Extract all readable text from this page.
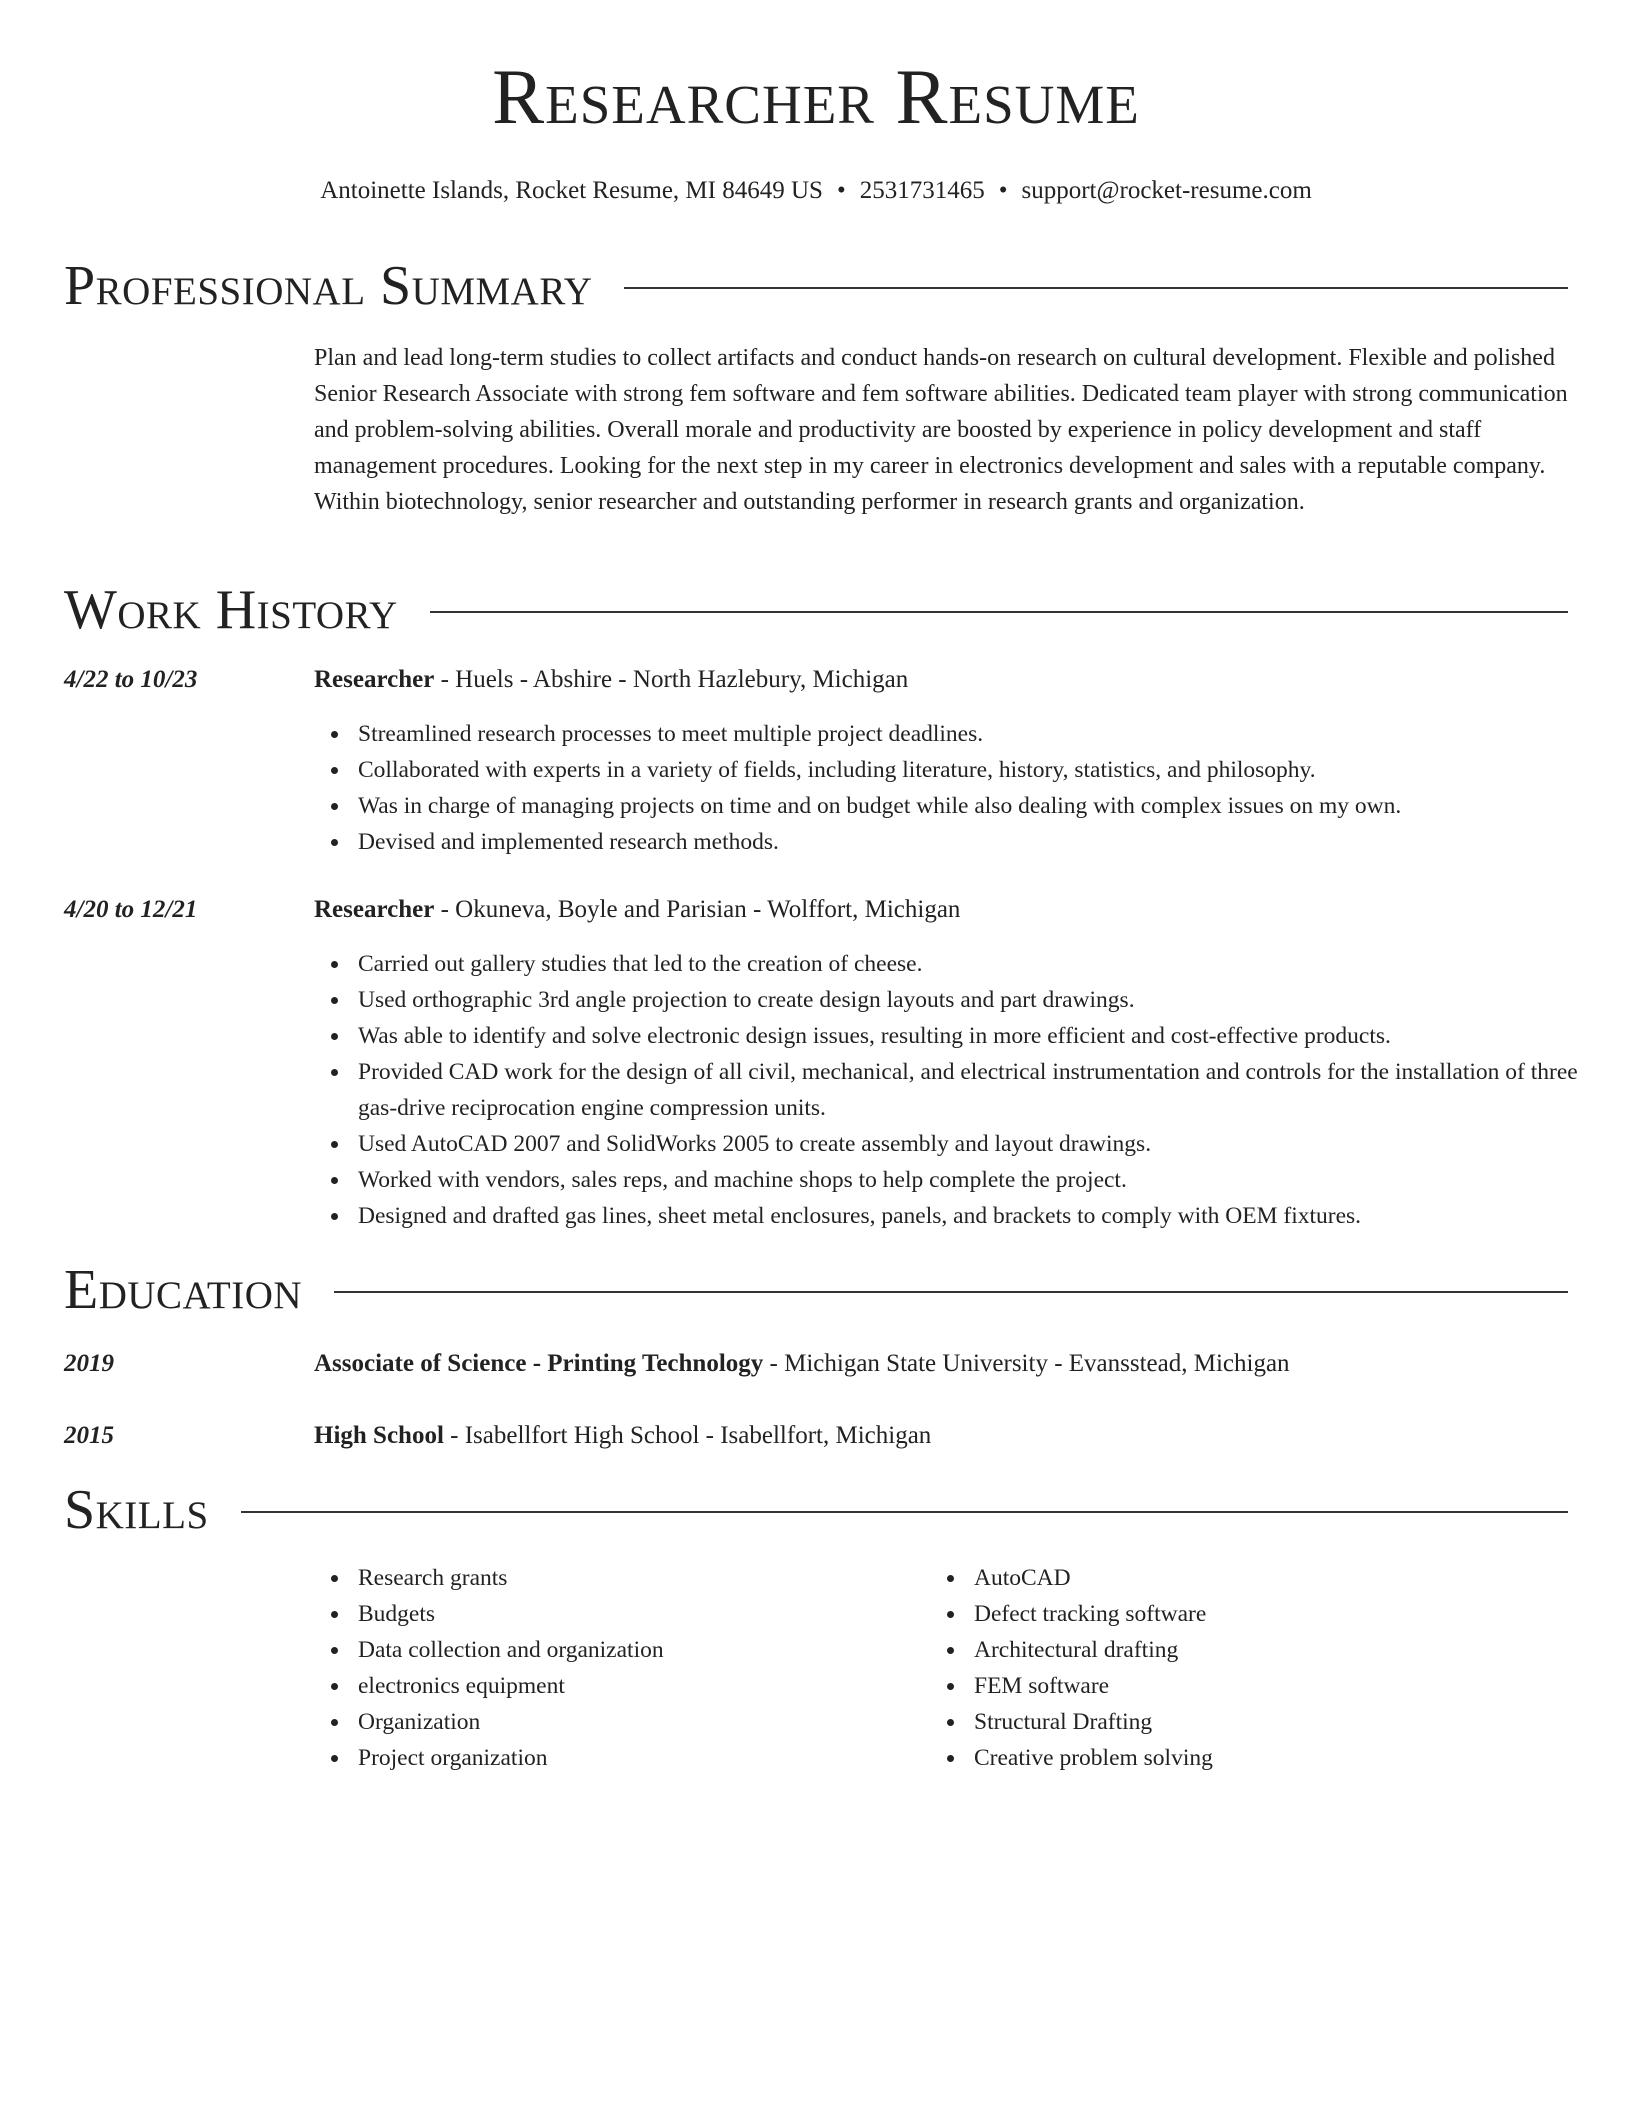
Researcher Resume
Antoinette Islands, Rocket Resume, MI 84649 US • 2531731465 • support@rocket-resume.com
Professional Summary

Plan and lead long-term studies to collect artifacts and conduct hands-on research on cultural development. Flexible and polished Senior Research Associate with strong fem software and fem software abilities. Dedicated team player with strong communication and problem-solving abilities. Overall morale and productivity are boosted by experience in policy development and staff management procedures. Looking for the next step in my career in electronics development and sales with a reputable company. Within biotechnology, senior researcher and outstanding performer in research grants and organization.

Work History
4/22 to 10/23	Researcher - Huels - Abshire - North Hazlebury, Michigan
Streamlined research processes to meet multiple project deadlines.
Collaborated with experts in a variety of fields, including literature, history, statistics, and philosophy.
Was in charge of managing projects on time and on budget while also dealing with complex issues on my own.
Devised and implemented research methods.
4/20 to 12/21	Researcher - Okuneva, Boyle and Parisian - Wolffort, Michigan
Carried out gallery studies that led to the creation of cheese.
Used orthographic 3rd angle projection to create design layouts and part drawings.
Was able to identify and solve electronic design issues, resulting in more efficient and cost-effective products.
Provided CAD work for the design of all civil, mechanical, and electrical instrumentation and controls for the installation of three gas-drive reciprocation engine compression units.
Used AutoCAD 2007 and SolidWorks 2005 to create assembly and layout drawings.
Worked with vendors, sales reps, and machine shops to help complete the project.
Designed and drafted gas lines, sheet metal enclosures, panels, and brackets to comply with OEM fixtures.
Education
2019	Associate of Science - Printing Technology - Michigan State University - Evansstead, Michigan
2015	High School - Isabellfort High School - Isabellfort, Michigan
Skills
Research grants
Budgets
Data collection and organization
electronics equipment
Organization
Project organization
AutoCAD
Defect tracking software
Architectural drafting
FEM software
Structural Drafting
Creative problem solving
